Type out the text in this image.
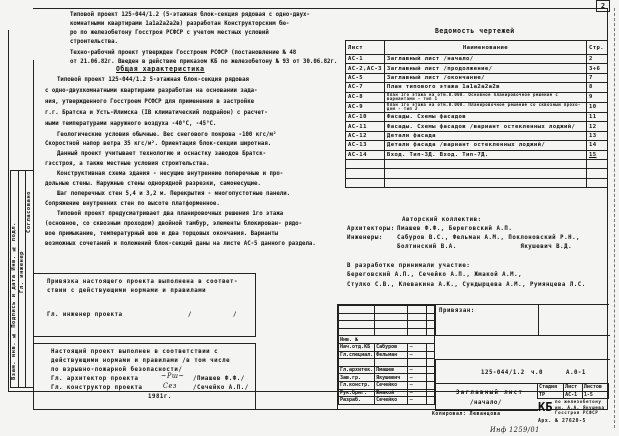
2
Взам. инв. № Подпись и дата Инв. № подл. Гл. инженер
Согласовано
Типовой проект 125-044/1.2 (5-этажная блок-секция рядовая с одно-двух-
комнатными квартирами 1а1а2а2а2в) разработан Конструкторским бю-
ро по железобетону Госстроя РСФСР с учетом местных условий
строительства.
Техно-рабочий проект утвержден Госстроем РСФСР (постановление № 48
от 21.06.82г. Введен в действие приказом КБ по железобетону № 93 от 30.06.82г.
Общая характеристика
Типовой проект 125-044/1.2 5-этажная блок-секция рядовая
с одно-двухкомнатными квартирами разработан на основании зада-
ния, утвержденного Госстроем РСФСР для применения в застройке
г.г. Братска и Усть-Илимска (IВ климатический подрайон) с расчет-
ными температурами наружного воздуха -40°С, -45°С.
Геологические условия обычные. Вес снегового покрова -100 кгс/м²
Скоростной напор ветра 35 кгс/м². Ориентация блок-секции широтная.
Данный проект учитывает технологию и оснастку заводов Братск-
гэсстроя, а также местные условия строительства.
Конструктивная схема здания - несущие внутренние поперечные и про-
дольные стены. Наружные стены однорядной разрезки, самонесущие.
Шаг поперечных стен 5,4 и 3,2 м. Перекрытия - многопустотные панели.
Сопряжение внутренних стен по высоте платформенное.
Типовой проект предусматривает два планировочных решения 1го этажа
(основное, со сквозным проходом) двойной тамбур, элементы блокирован- рядо-
вое примыкание, температурный шов и два торцовых окончания. Варианты
возможных сочетаний и положений блок-секций даны на листе АС-5 данного раздела.
Привязка настоящего проекта выполнена в соответ-
ствии с действующими нормами и правилами
Гл. инженер проекта	/	/
Настоящий проект выполнен в соответствии с
действующими нормами и правилами /в том числе
по взрывно-пожарной безопасности/
Гл. архитектор проекта	~Рш~ /Пмашев Ф.Ф./
Гл. конструктор проекта	Сез	/Сечейко А.П./
1981г.
Ведомость чертежей
Лист	Наименование	Стр.
АС-1	Заглавный лист /начало/	2
АС-2,АС-3	Заглавный лист /продолжение/	3÷6
АС-5	Заглавный лист /окончание/	7
АС-7	План типового этажа 1а1а2а2а2в	8
АС-8	План 1го этажа на отм.0.000. Основное планировочное решение с вариантами - тип 1	9
АС-9	План 1го этажа на отм.0.000. Планировочное решение со сквозным прохо-дом - тип 2	10
АС-10	Фасады. Схемы фасадов	11
АС-11	Фасады. Схемы фасадов /вариант остекленных лоджий/	12
АС-12	Детали фасада	13
АС-13	Детали фасада /вариант остекленных лоджий/	14
АС-14	Вход. Тип-3Д. Вход. Тип-7Д.	15

Авторский коллектив:
Архитекторы: Пмашев Ф.Ф., Береговский А.П.
Инженеры: Сабуров В.С., Фельман А.М., Поклоновский Р.Н.,
Болтинский В.А.                Якушевич В.Д.
В разработке принимали участие:
Береговский А.П., Сечейко А.П., Жмакой А.М.,
Стулко С.В., Клевакина А.К., Сундырцева А.М., Румянцева Л.С.

Инв. №			
Нач.отд.КБ	Сабуров	∽	
Гл.специал.	Фельман	∽	

Гл.архитек.	Пмашев	∽	
Зав.гр.	Якушевич	∽	
Гл.констр.	Сечейко	∽	
Рук.бриг.	Жмакой	∽	
Разраб.	Сечейко	∽	
Привязан:
125-044/1.2 ч.0	А.0-1
Заглавный лист
/начало/
Стадия	Лист	Листов
ТР	АС-1	1-5
КБ по железобетону
им. А.А. Якушева
Госстроя РСФСР
Копировал: Леванцова
Арх. № 27620-5
Инф 1259/01
